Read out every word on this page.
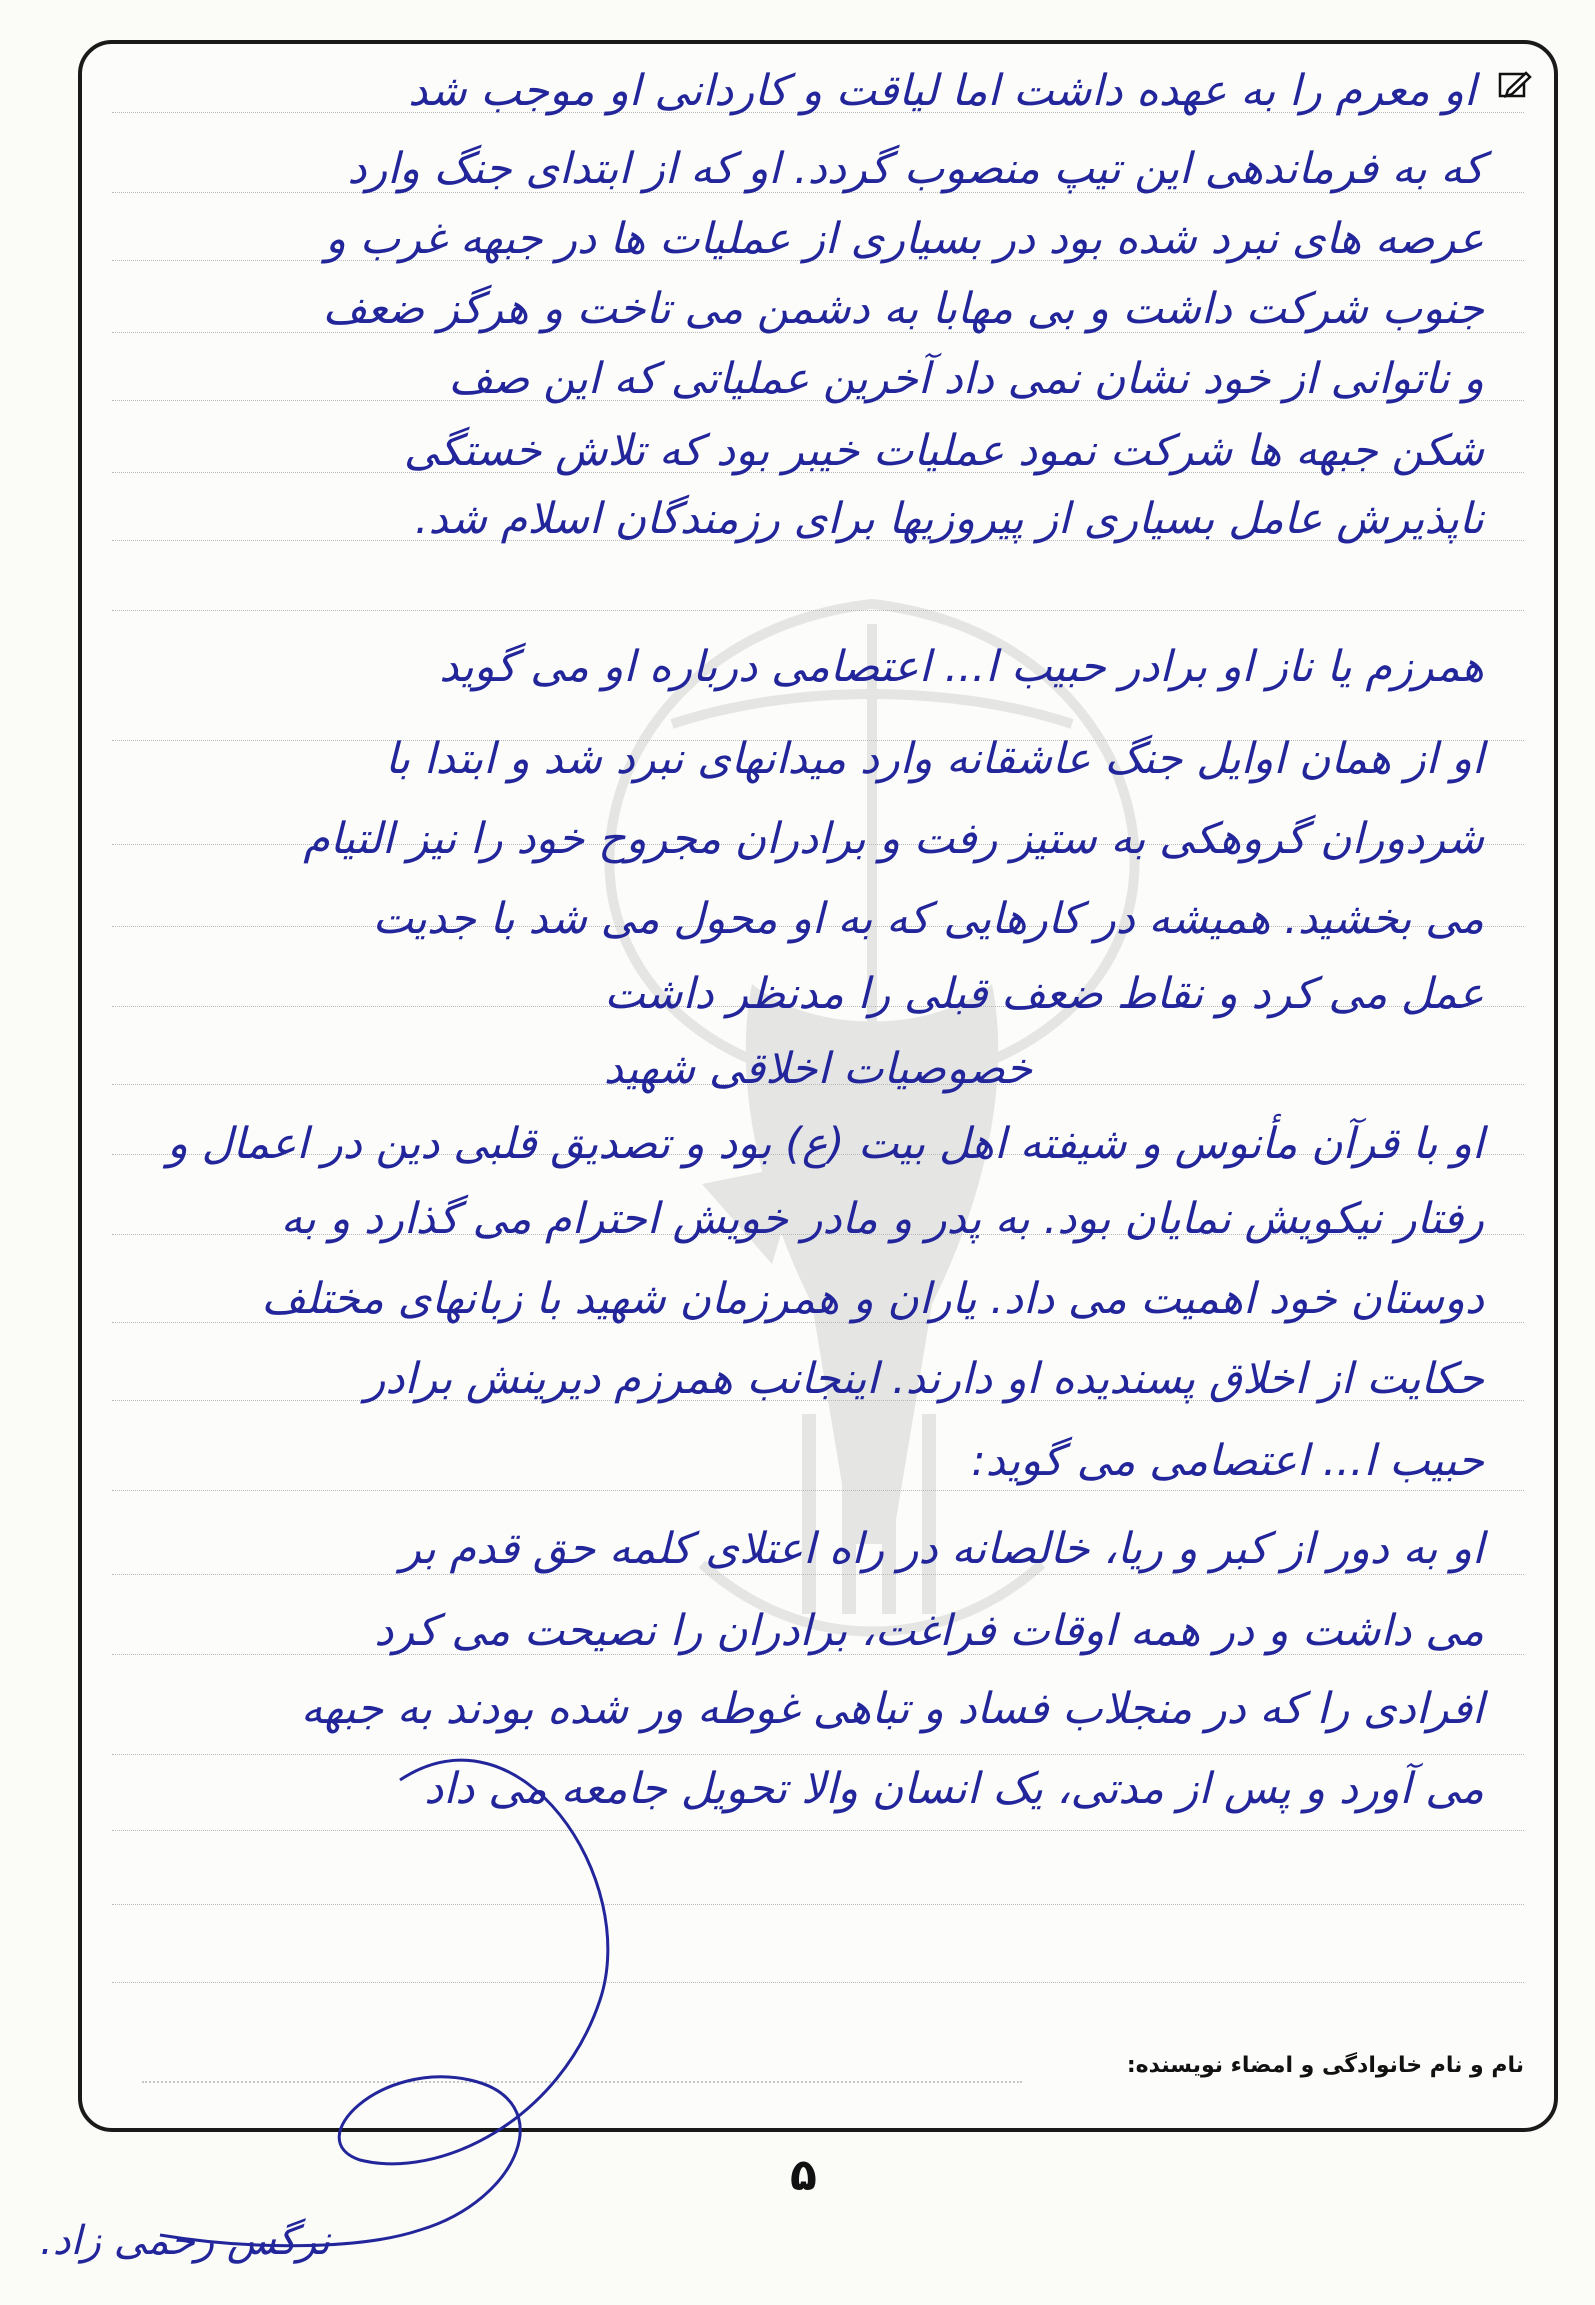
او معرم را به عهده داشت اما لیاقت و کاردانی او موجب شد
که به فرماندهی این تیپ منصوب گردد. او که از ابتدای جنگ وارد
عرصه های نبرد شده بود در بسیاری از عملیات ها در جبهه غرب و
جنوب شرکت داشت و بی مهابا به دشمن می تاخت و هرگز ضعف
و ناتوانی از خود نشان نمی داد آخرین عملیاتی که این صف
شکن جبهه ها شرکت نمود عملیات خیبر بود که تلاش خستگی
ناپذیرش عامل بسیاری از پیروزیها برای رزمندگان اسلام شد.
همرزم یا ناز او برادر حبیب ا... اعتصامی درباره او می گوید
او از همان اوایل جنگ عاشقانه وارد میدانهای نبرد شد و ابتدا با
شردوران گروهکی به ستیز رفت و برادران مجروح خود را نیز التیام
می بخشید. همیشه در کارهایی که به او محول می شد با جدیت
عمل می کرد و نقاط ضعف قبلی را مدنظر داشت
خصوصیات اخلاقی شهید
او با قرآن مأنوس و شیفته اهل بیت (ع) بود و تصدیق قلبی دین در اعمال و
رفتار نیکویش نمایان بود. به پدر و مادر خویش احترام می گذارد و به
دوستان خود اهمیت می داد. یاران و همرزمان شهید با زبانهای مختلف
حکایت از اخلاق پسندیده او دارند. اینجانب همرزم دیرینش برادر
حبیب ا... اعتصامی می گوید:
او به دور از کبر و ریا، خالصانه در راه اعتلای کلمه حق قدم بر
می داشت و در همه اوقات فراغت، برادران را نصیحت می کرد
افرادی را که در منجلاب فساد و تباهی غوطه ور شده بودند به جبهه
می آورد و پس از مدتی، یک انسان والا تحویل جامعه می داد
نام و نام خانوادگی و امضاء نویسنده:
۵
نرگس رحمی زاد.
